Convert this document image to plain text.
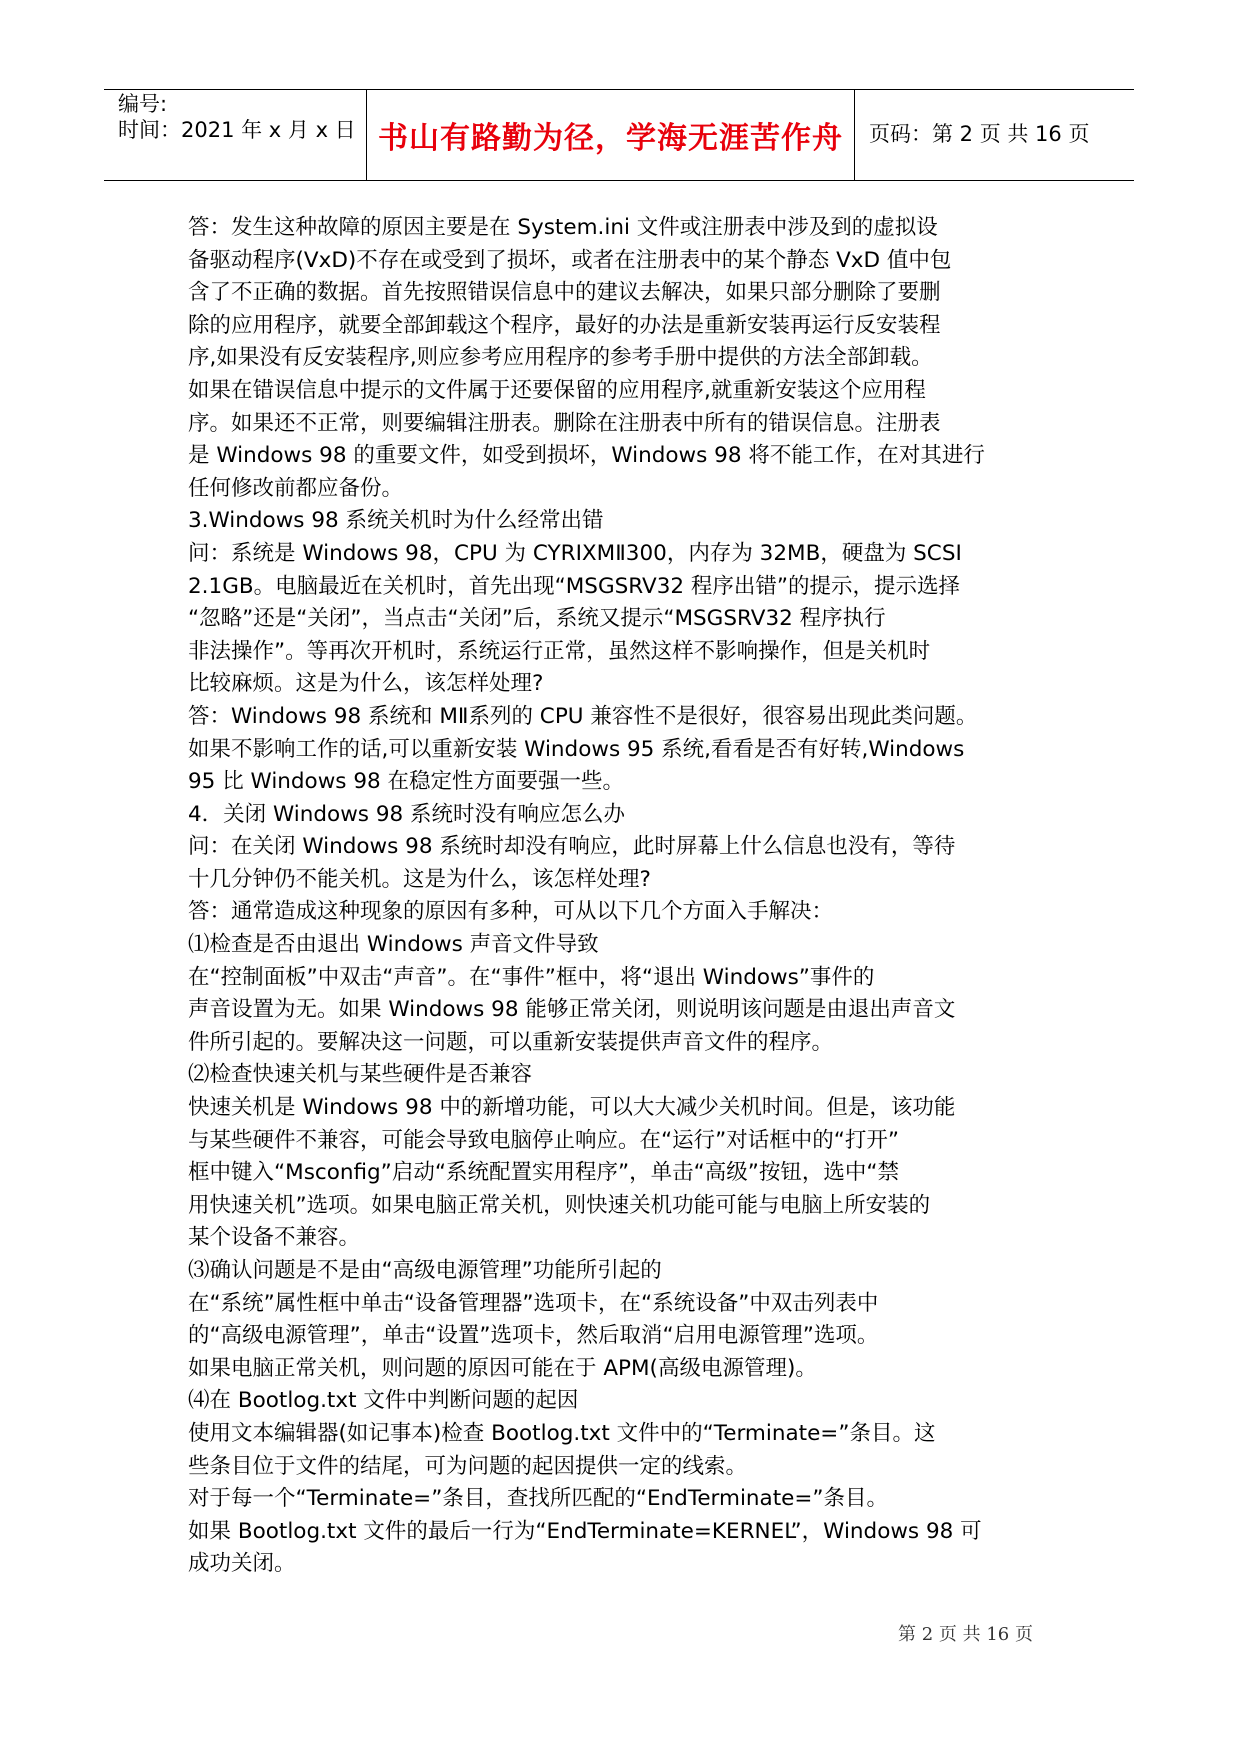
编号:
时间：2021 年 x 月 x 日 书山有路勤为径，学海无涯苦作舟 页码：第 2 页 共 16 页

答：发生这种故障的原因主要是在 System.ini 文件或注册表中涉及到的虚拟设

备驱动程序(VxD)不存在或受到了损坏，或者在注册表中的某个静态 VxD 值中包

含了不正确的数据。首先按照错误信息中的建议去解决，如果只部分删除了要删

除的应用程序，就要全部卸载这个程序，最好的办法是重新安装再运行反安装程

序,如果没有反安装程序,则应参考应用程序的参考手册中提供的方法全部卸载。

如果在错误信息中提示的文件属于还要保留的应用程序,就重新安装这个应用程

序。如果还不正常，则要编辑注册表。删除在注册表中所有的错误信息。注册表

是 Windows 98 的重要文件，如受到损坏，Windows 98 将不能工作，在对其进行

任何修改前都应备份。

3.Windows 98 系统关机时为什么经常出错

问：系统是 Windows 98，CPU 为 CYRIXMⅡ300，内存为 32MB，硬盘为 SCSI

2.1GB。电脑最近在关机时，首先出现“MSGSRV32 程序出错”的提示，提示选择

“忽略”还是“关闭”，当点击“关闭”后，系统又提示“MSGSRV32 程序执行

非法操作”。等再次开机时，系统运行正常，虽然这样不影响操作，但是关机时

比较麻烦。这是为什么，该怎样处理?

答：Windows 98 系统和 MⅡ系列的 CPU 兼容性不是很好，很容易出现此类问题。

如果不影响工作的话,可以重新安装 Windows 95 系统,看看是否有好转,Windows

95 比 Windows 98 在稳定性方面要强一些。

4．关闭 Windows 98 系统时没有响应怎么办

问：在关闭 Windows 98 系统时却没有响应，此时屏幕上什么信息也没有，等待

十几分钟仍不能关机。这是为什么，该怎样处理?

答：通常造成这种现象的原因有多种，可从以下几个方面入手解决：

⑴检查是否由退出 Windows 声音文件导致

在“控制面板”中双击“声音”。在“事件”框中，将“退出 Windows”事件的

声音设置为无。如果 Windows 98 能够正常关闭，则说明该问题是由退出声音文

件所引起的。要解决这一问题，可以重新安装提供声音文件的程序。

⑵检查快速关机与某些硬件是否兼容

快速关机是 Windows 98 中的新增功能，可以大大减少关机时间。但是，该功能

与某些硬件不兼容，可能会导致电脑停止响应。在“运行”对话框中的“打开”

框中键入“Msconfig”启动“系统配置实用程序”，单击“高级”按钮，选中“禁

用快速关机”选项。如果电脑正常关机，则快速关机功能可能与电脑上所安装的

某个设备不兼容。

⑶确认问题是不是由“高级电源管理”功能所引起的

在“系统”属性框中单击“设备管理器”选项卡，在“系统设备”中双击列表中

的“高级电源管理”，单击“设置”选项卡，然后取消“启用电源管理”选项。

如果电脑正常关机，则问题的原因可能在于 APM(高级电源管理)。

⑷在 Bootlog.txt 文件中判断问题的起因

使用文本编辑器(如记事本)检查 Bootlog.txt 文件中的“Terminate=”条目。这

些条目位于文件的结尾，可为问题的起因提供一定的线索。

对于每一个“Terminate=”条目，查找所匹配的“EndTerminate=”条目。

如果 Bootlog.txt 文件的最后一行为“EndTerminate=KERNEL”，Windows 98 可

成功关闭。

第 2 页 共 16 页
